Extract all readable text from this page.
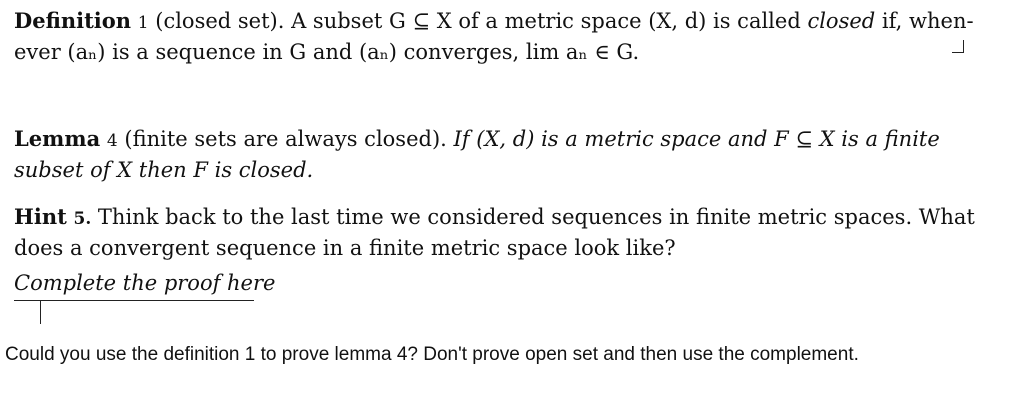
Definition 1 (closed set). A subset G ⊆ X of a metric space (X, d) is called closed if, when-
ever (aₙ) is a sequence in G and (aₙ) converges, lim aₙ ∈ G.
Lemma 4 (finite sets are always closed). If (X, d) is a metric space and F ⊆ X is a finite subset of X then F is closed.
Hint 5. Think back to the last time we considered sequences in finite metric spaces. What does a convergent sequence in a finite metric space look like?
Complete the proof here
Could you use the definition 1 to prove lemma 4? Don't prove open set and then use the complement.
